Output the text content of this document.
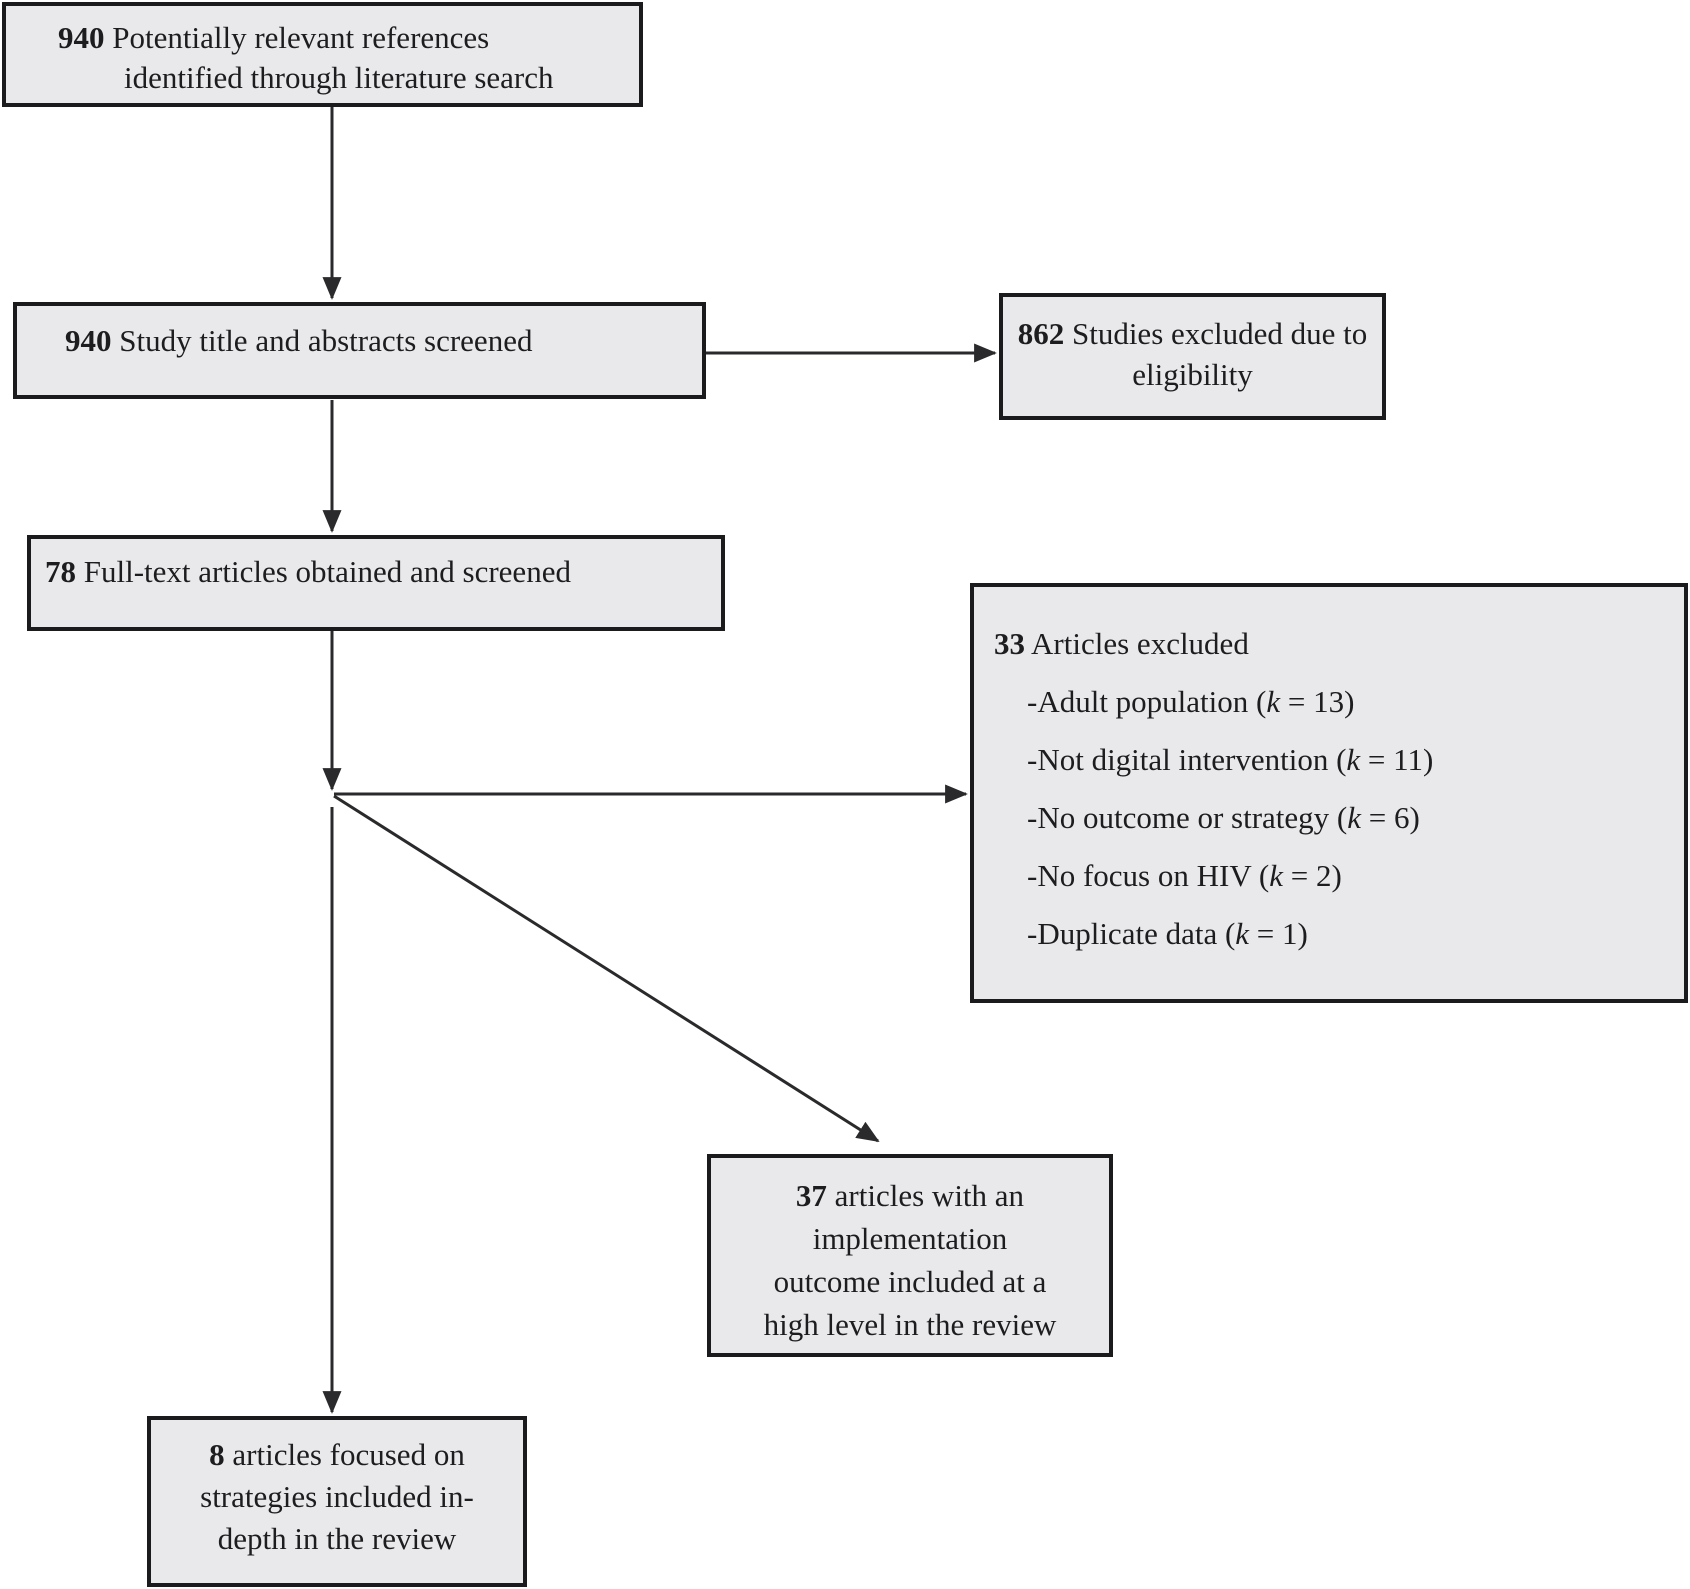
940 Potentially relevant references
identified through literature search
940 Study title and abstracts screened	862 Studies excluded due to
eligibility
78 Full-text articles obtained and screened
33 Articles excluded
-Adult population (k = 13)
-Not digital intervention (k = 11)
-No outcome or strategy (k = 6)
-No focus on HIV (k = 2)
-Duplicate data (k = 1)
37 articles with an
implementation
outcome included at a
high level in the review
8 articles focused on
strategies included in-
depth in the review
